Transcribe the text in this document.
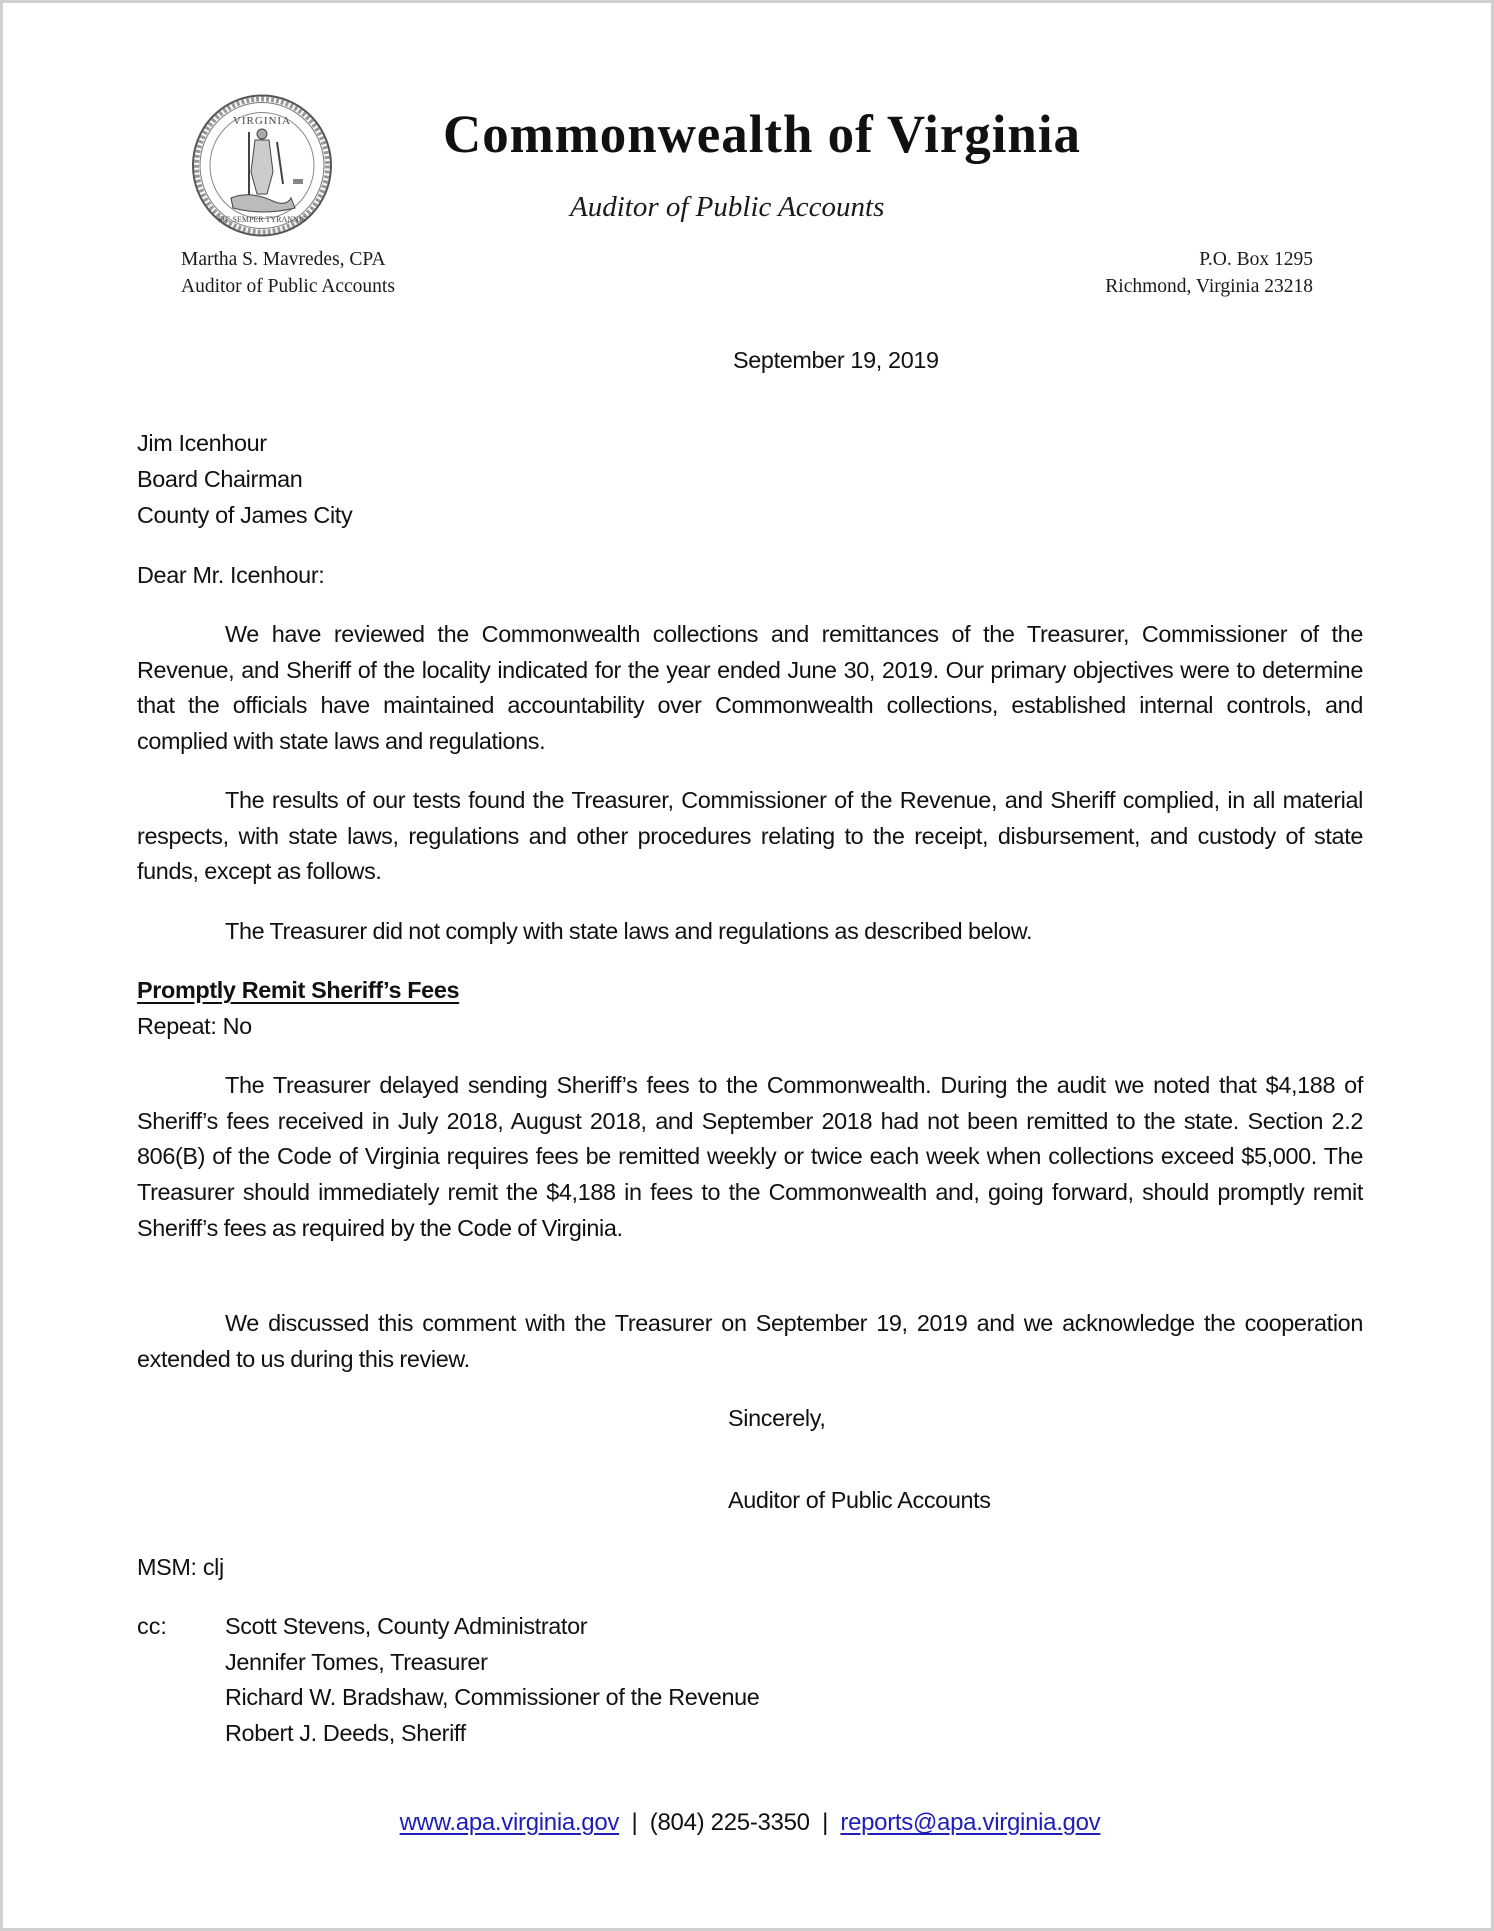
VIRGINIA
SIC SEMPER TYRANNIS

Commonwealth of Virginia

Auditor of Public Accounts

Martha S. Mavredes, CPA
Auditor of Public Accounts
P.O. Box 1295
Richmond, Virginia 23218

September 19, 2019

Jim Icenhour

Board Chairman

County of James City

Dear Mr. Icenhour:

We have reviewed the Commonwealth collections and remittances of the Treasurer, Commissioner of the Revenue, and Sheriff of the locality indicated for the year ended June 30, 2019. Our primary objectives were to determine that the officials have maintained accountability over Commonwealth collections, established internal controls, and complied with state laws and regulations.

The results of our tests found the Treasurer, Commissioner of the Revenue, and Sheriff complied, in all material respects, with state laws, regulations and other procedures relating to the receipt, disbursement, and custody of state funds, except as follows.

The Treasurer did not comply with state laws and regulations as described below.

Promptly Remit Sheriff’s Fees

Repeat: No

The Treasurer delayed sending Sheriff’s fees to the Commonwealth. During the audit we noted that $4,188 of Sheriff’s fees received in July 2018, August 2018, and September 2018 had not been remitted to the state. Section 2.2 806(B) of the Code of Virginia requires fees be remitted weekly or twice each week when collections exceed $5,000. The Treasurer should immediately remit the $4,188 in fees to the Commonwealth and, going forward, should promptly remit Sheriff’s fees as required by the Code of Virginia.

We discussed this comment with the Treasurer on September 19, 2019 and we acknowledge the cooperation extended to us during this review.

Sincerely,

Auditor of Public Accounts

MSM: clj

cc: Scott Stevens, County Administrator
Jennifer Tomes, Treasurer
Richard W. Bradshaw, Commissioner of the Revenue
Robert J. Deeds, Sheriff
www.apa.virginia.gov | (804) 225-3350 | reports@apa.virginia.gov
